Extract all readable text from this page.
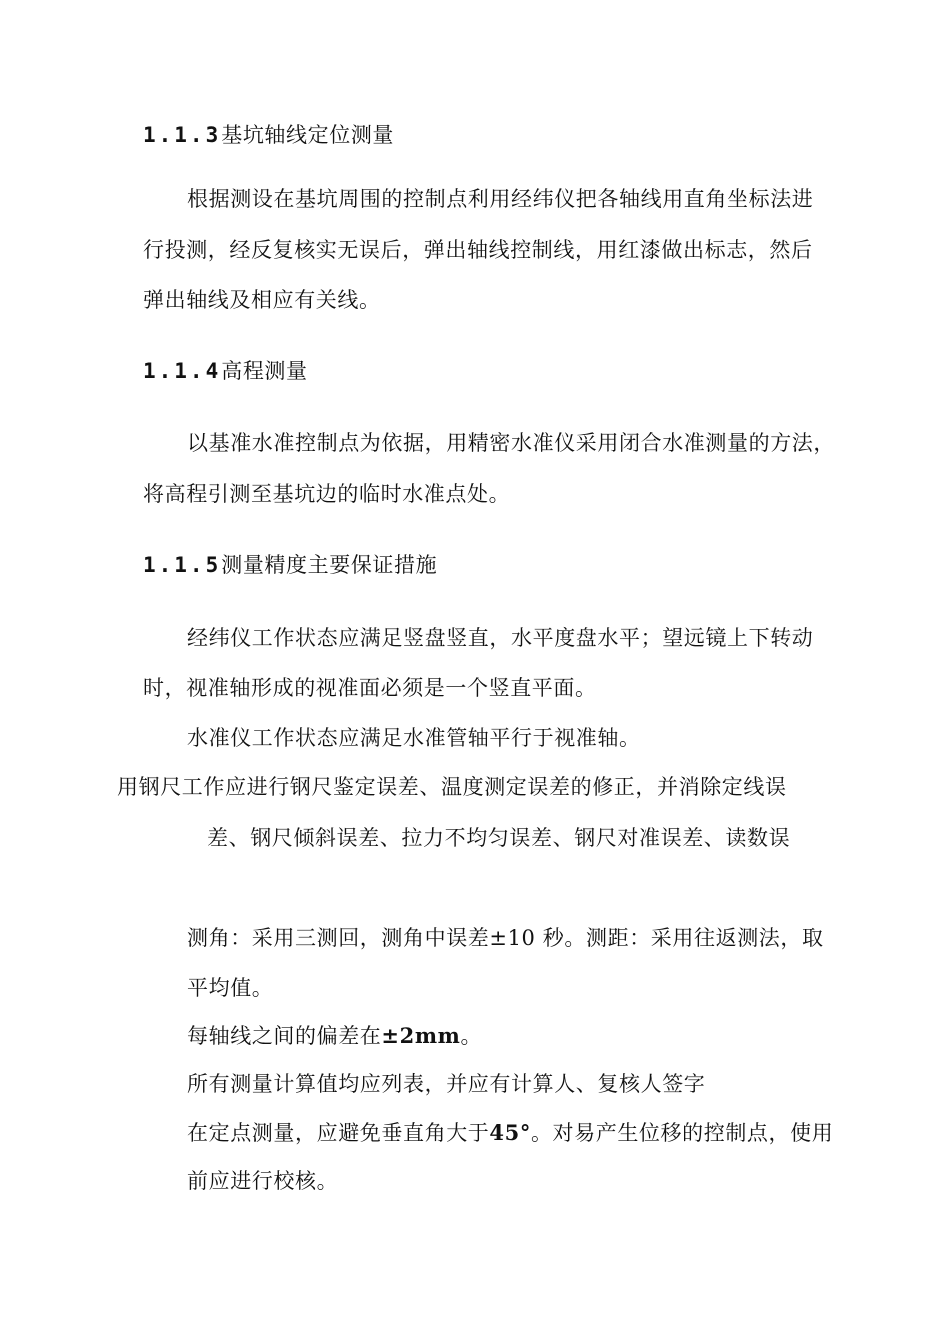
1.1.3基坑轴线定位测量
根据测设在基坑周围的控制点利用经纬仪把各轴线用直角坐标法进
行投测，经反复核实无误后，弹出轴线控制线，用红漆做出标志，然后
弹出轴线及相应有关线。
1.1.4高程测量
以基准水准控制点为依据，用精密水准仪采用闭合水准测量的方法，
将高程引测至基坑边的临时水准点处。
1.1.5测量精度主要保证措施
经纬仪工作状态应满足竖盘竖直，水平度盘水平；望远镜上下转动
时，视准轴形成的视准面必须是一个竖直平面。
水准仪工作状态应满足水准管轴平行于视准轴。
用钢尺工作应进行钢尺鉴定误差、温度测定误差的修正，并消除定线误
差、钢尺倾斜误差、拉力不均匀误差、钢尺对准误差、读数误
测角：采用三测回，测角中误差±10 秒。测距：采用往返测法，取
平均值。
每轴线之间的偏差在±2mm。
所有测量计算值均应列表，并应有计算人、复核人签字
在定点测量，应避免垂直角大于45°。对易产生位移的控制点，使用
前应进行校核。
